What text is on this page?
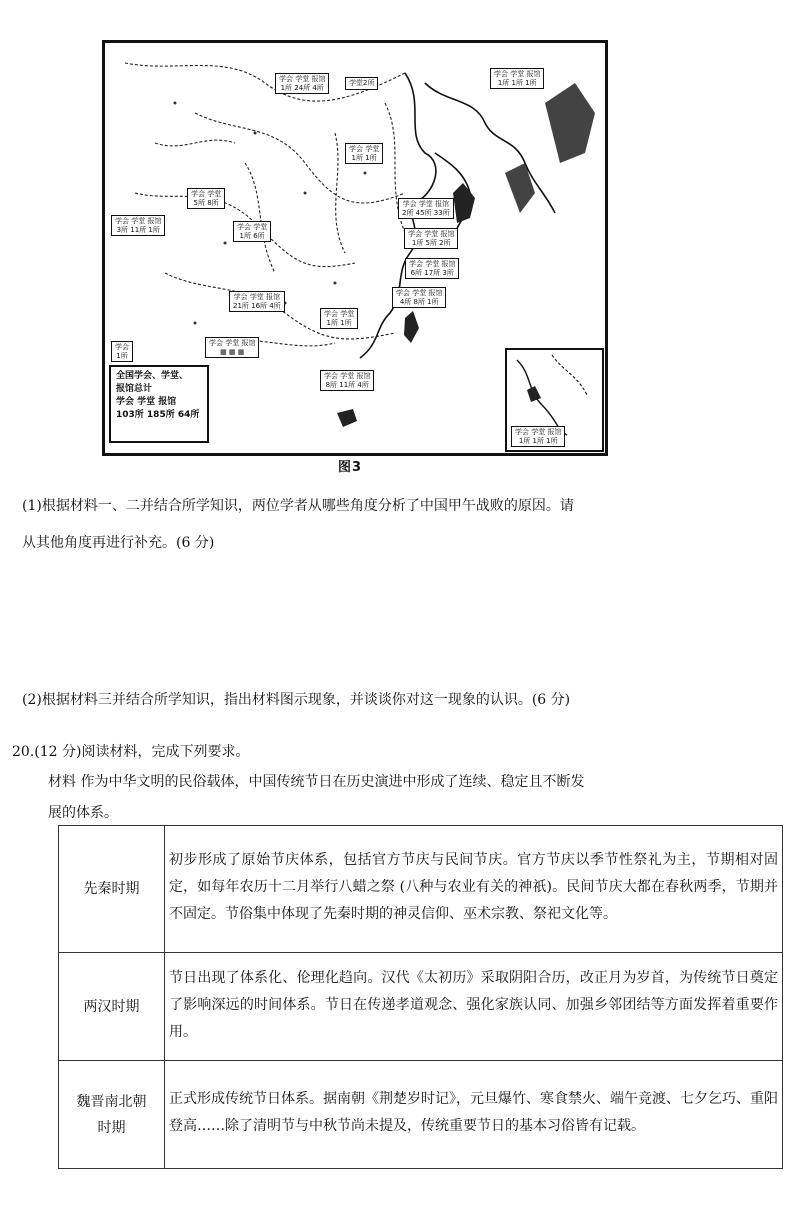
学会 学堂 报馆
1所 24所 4所
学堂2所
学会 学堂 报馆
1所 1所 1所
学会 学堂
1所 1所
学会 学堂
5所 8所	学会 学堂 报馆
2所 45所 33所
学会 学堂 报馆
3所 11所 1所	学会 学堂
1所 6所	学会 学堂 报馆
1所 5所 2所
学会 学堂 报馆
6所 17所 3所
学会 学堂 报馆
21所 16所 4所
学会 学堂 报馆
4所 8所 1所
学会 学堂
1所 1所
学会
1所
学会 学堂 报馆
▦ ▦ ▦
学会 学堂 报馆
8所 11所 4所
全国学会、学堂、
报馆总计
学会 学堂 报馆
103所 185所 64所
学会 学堂 报馆
1所 1所 1所
图3
(1)根据材料一、二并结合所学知识，两位学者从哪些角度分析了中国甲午战败的原因。请
从其他角度再进行补充。(6 分)
(2)根据材料三并结合所学知识，指出材料图示现象，并谈谈你对这一现象的认识。(6 分)
20.(12 分)阅读材料，完成下列要求。
材料 作为中华文明的民俗载体，中国传统节日在历史演进中形成了连续、稳定且不断发
展的体系。
先秦时期	初步形成了原始节庆体系，包括官方节庆与民间节庆。官方节庆以季节性祭礼为主，节期相对固定，如每年农历十二月举行八蜡之祭 (八种与农业有关的神祇)。民间节庆大都在春秋两季，节期并不固定。节俗集中体现了先秦时期的神灵信仰、巫术宗教、祭祀文化等。
两汉时期	节日出现了体系化、伦理化趋向。汉代《太初历》采取阴阳合历，改正月为岁首，为传统节日奠定了影响深远的时间体系。节日在传递孝道观念、强化家族认同、加强乡邻团结等方面发挥着重要作用。

魏晋南北朝
时期	正式形成传统节日体系。据南朝《荆楚岁时记》，元旦爆竹、寒食禁火、端午竞渡、七夕乞巧、重阳登高……除了清明节与中秋节尚未提及，传统重要节日的基本习俗皆有记载。
